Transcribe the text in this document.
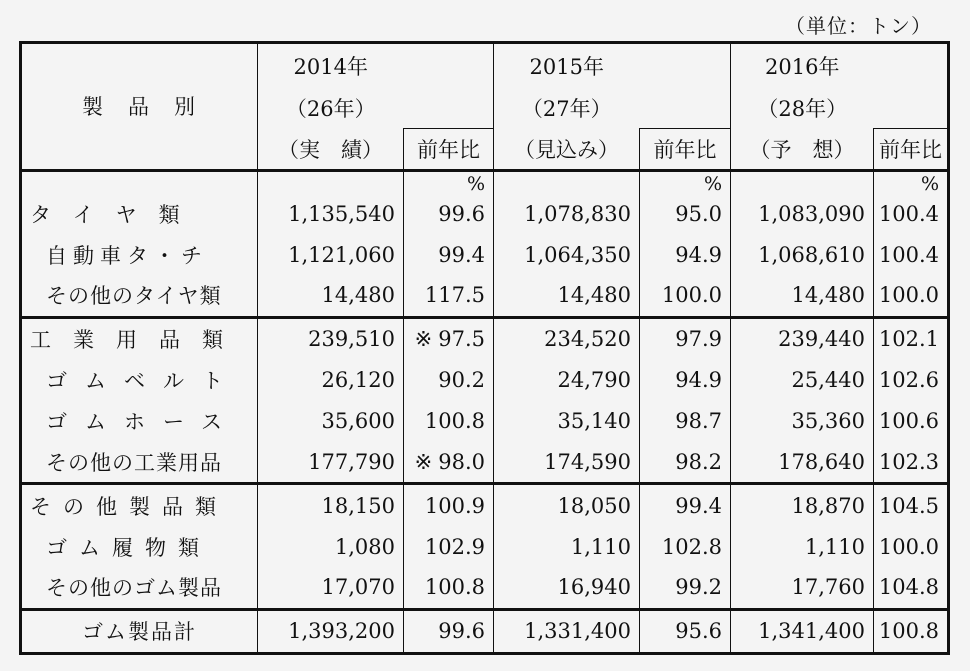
（単位：トン）
製　品　別	2014年		2015年		2016年	
	（26年）		（27年）		（28年）	
	（実　績）	前年比	（見込み）	前年比	（予　想）	前年比
		%		%		%
タイヤ類	1,135,540	99.6	1,078,830	95.0	1,083,090	100.4
自動車タ・チ	1,121,060	99.4	1,064,350	94.9	1,068,610	100.4
その他のタイヤ類	14,480	117.5	14,480	100.0	14,480	100.0
工業用品類	239,510	※ 97.5	234,520	97.9	239,440	102.1
ゴムベルト	26,120	90.2	24,790	94.9	25,440	102.6
ゴムホース	35,600	100.8	35,140	98.7	35,360	100.6
その他の工業用品	177,790	※ 98.0	174,590	98.2	178,640	102.3
その他製品類	18,150	100.9	18,050	99.4	18,870	104.5
ゴム履物類	1,080	102.9	1,110	102.8	1,110	100.0
その他のゴム製品	17,070	100.8	16,940	99.2	17,760	104.8
ゴム製品計	1,393,200	99.6	1,331,400	95.6	1,341,400	100.8
